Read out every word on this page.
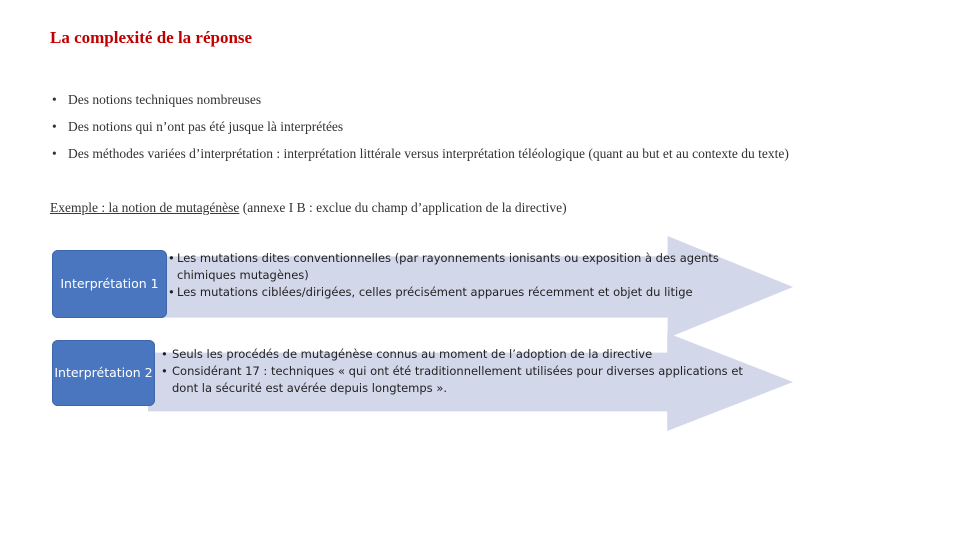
La complexité de la réponse
• Des notions techniques nombreuses
• Des notions qui n’ont pas été jusque là interprétées
• Des méthodes variées d’interprétation : interprétation littérale versus interprétation téléologique (quant au but et au contexte du texte)
Exemple : la notion de mutagénèse (annexe I B : exclue du champ d’application de la directive)
Interprétation 1
• Les mutations dites conventionnelles (par rayonnements ionisants ou exposition à des agents chimiques mutagènes)
• Les mutations ciblées/dirigées, celles précisément apparues récemment et objet du litige
Interprétation 2
• Seuls les procédés de mutagénèse connus au moment de l’adoption de la directive
• Considérant 17 : techniques « qui ont été traditionnellement utilisées pour diverses applications et dont la sécurité est avérée depuis longtemps ».
